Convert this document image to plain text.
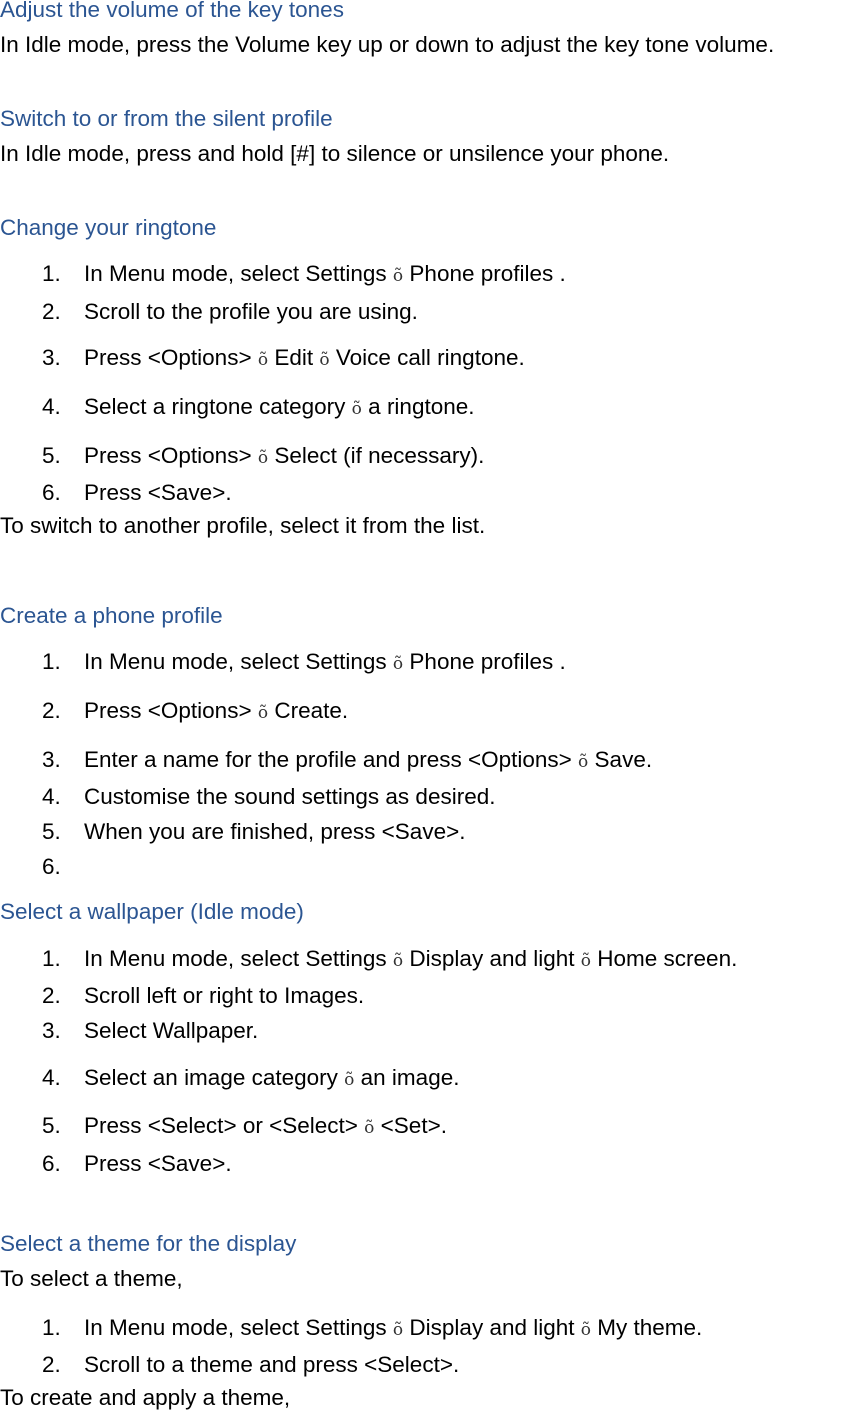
Adjust the volume of the key tones
In Idle mode, press the Volume key up or down to adjust the key tone volume.
Switch to or from the silent profile
In Idle mode, press and hold [#] to silence or unsilence your phone.
Change your ringtone
1. In Menu mode, select Settings õ Phone profiles .
2. Scroll to the profile you are using.
3. Press <Options> õ Edit õ Voice call ringtone.
4. Select a ringtone category õ a ringtone.
5. Press <Options> õ Select (if necessary).
6. Press <Save>.
To switch to another profile, select it from the list.
Create a phone profile
1. In Menu mode, select Settings õ Phone profiles .
2. Press <Options> õ Create.
3. Enter a name for the profile and press <Options> õ Save.
4. Customise the sound settings as desired.
5. When you are finished, press <Save>.
6.
Select a wallpaper (Idle mode)
1. In Menu mode, select Settings õ Display and light õ Home screen.
2. Scroll left or right to Images.
3. Select Wallpaper.
4. Select an image category õ an image.
5. Press <Select> or <Select> õ <Set>.
6. Press <Save>.
Select a theme for the display
To select a theme,
1. In Menu mode, select Settings õ Display and light õ My theme.
2. Scroll to a theme and press <Select>.
To create and apply a theme,
